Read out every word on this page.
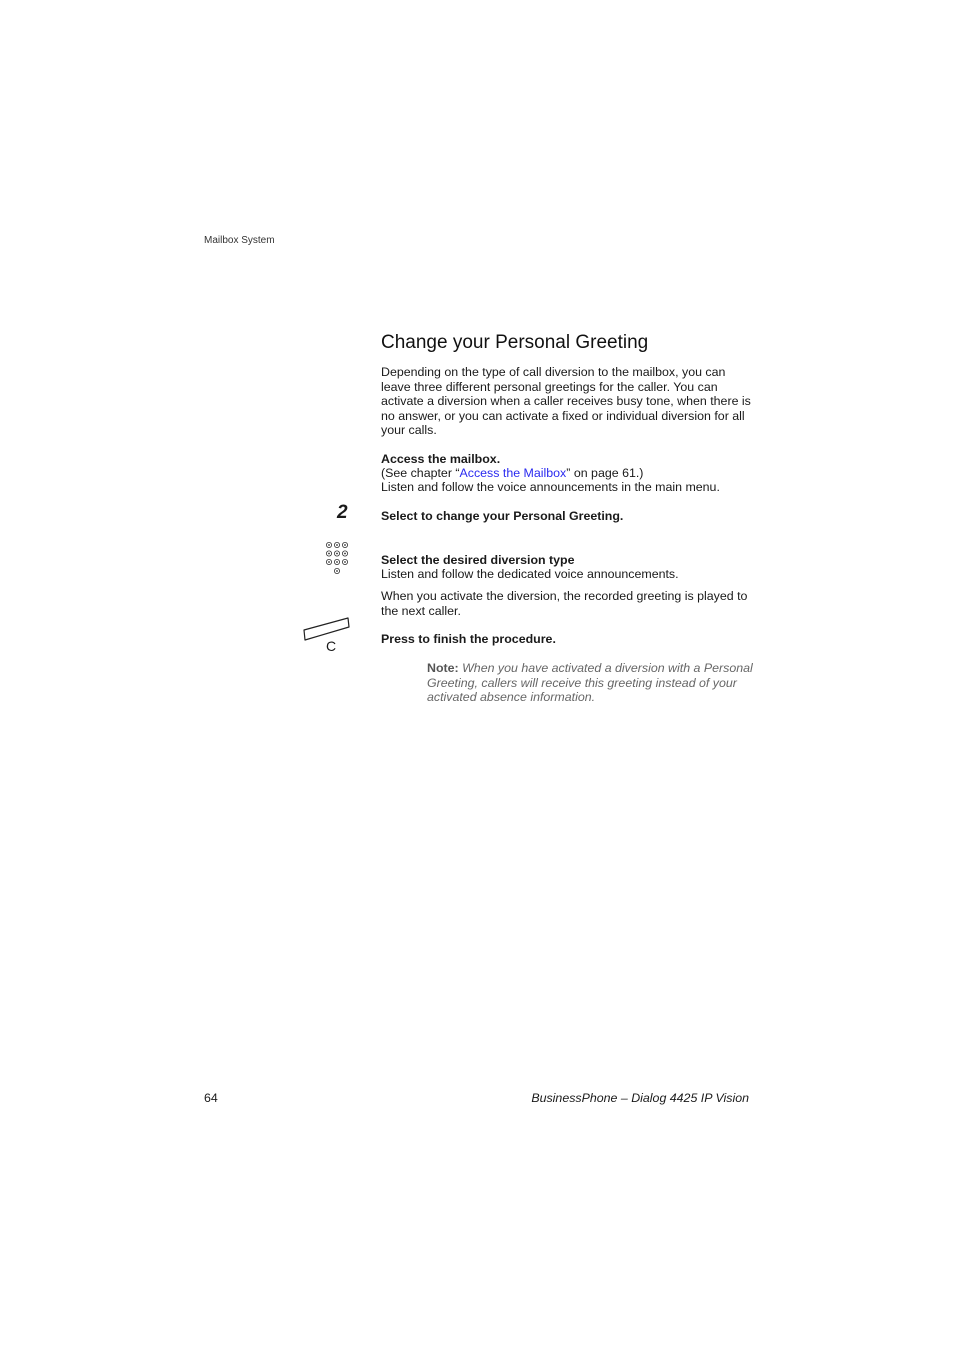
Mailbox System
Change your Personal Greeting

Depending on the type of call diversion to the mailbox, you can leave three different personal greetings for the caller. You can activate a diversion when a caller receives busy tone, when there is no answer, or you can activate a fixed or individual diversion for all your calls.

Access the mailbox.
(See chapter “Access the Mailbox” on page 61.)
Listen and follow the voice announcements in the main menu.
2	Select to change your Personal Greeting.
Select the desired diversion type
Listen and follow the dedicated voice announcements.
When you activate the diversion, the recorded greeting is played to the next caller.
C	Press to finish the procedure.
Note: When you have activated a diversion with a Personal Greeting, callers will receive this greeting instead of your activated absence information.
64	BusinessPhone – Dialog 4425 IP Vision
